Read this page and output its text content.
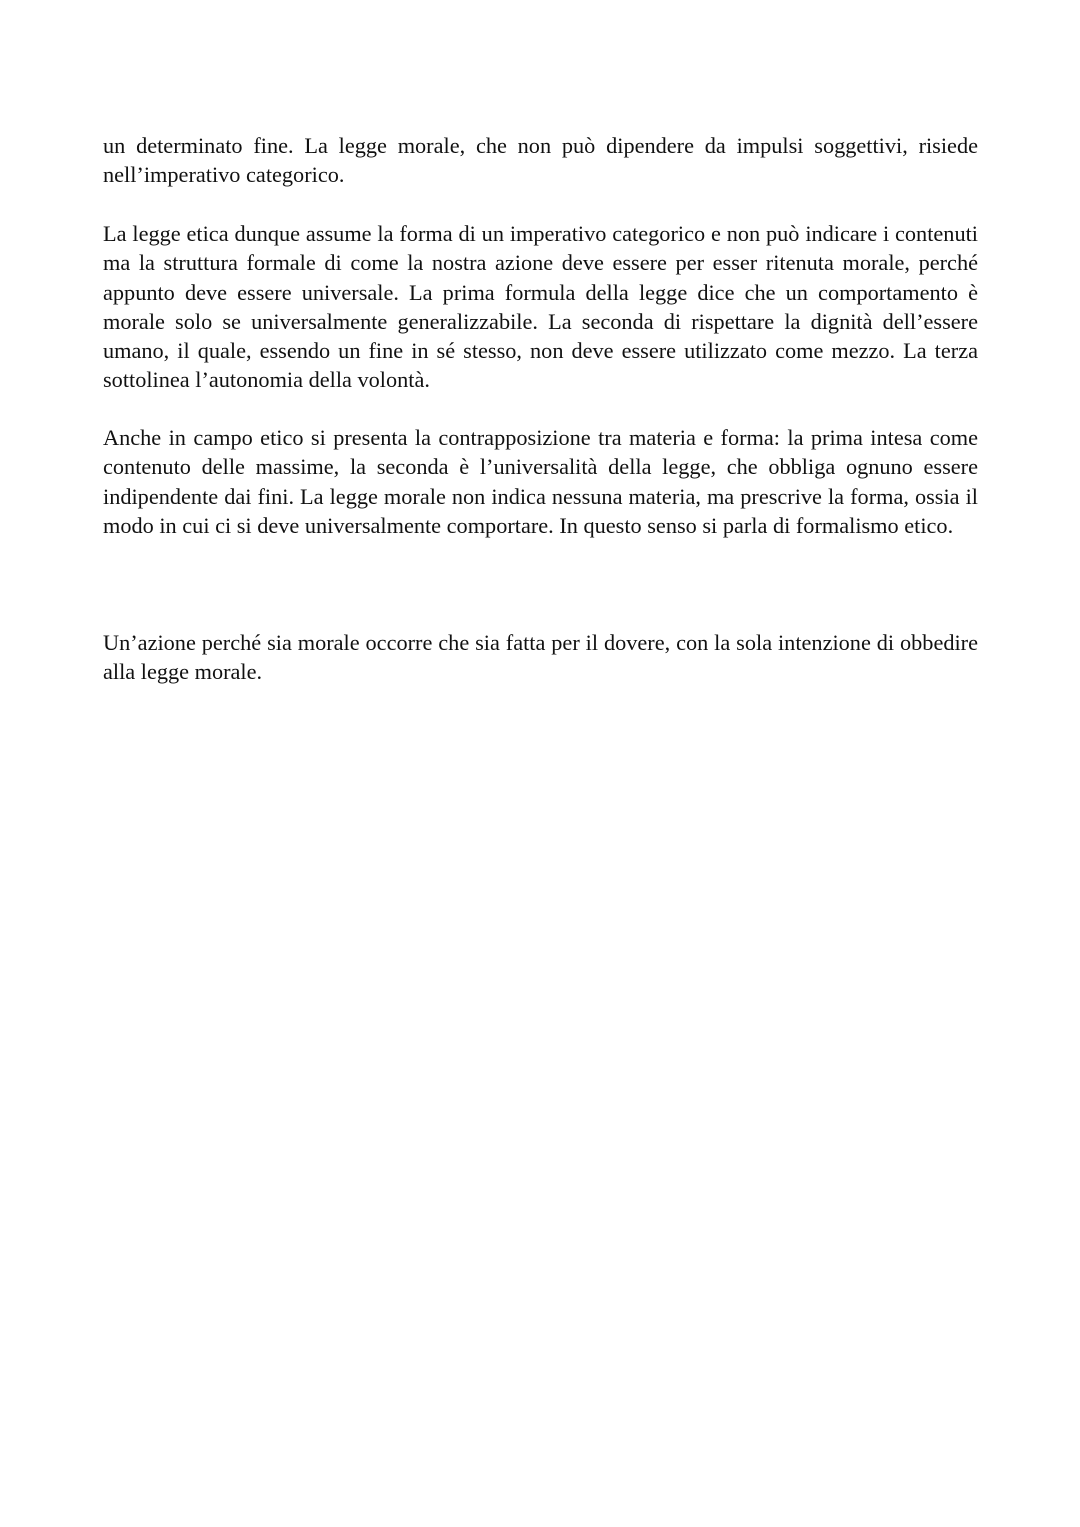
un determinato fine. La legge morale, che non può dipendere da impulsi soggettivi, risiede nell’imperativo categorico.

La legge etica dunque assume la forma di un imperativo categorico e non può indicare i contenuti ma la struttura formale di come la nostra azione deve essere per esser ritenuta morale, perché appunto deve essere universale. La prima formula della legge dice che un comportamento è morale solo se universalmente generalizzabile. La seconda di rispettare la dignità dell’essere umano, il quale, essendo un fine in sé stesso, non deve essere utilizzato come mezzo. La terza sottolinea l’autonomia della volontà.

Anche in campo etico si presenta la contrapposizione tra materia e forma: la prima intesa come contenuto delle massime, la seconda è l’universalità della legge, che obbliga ognuno essere indipendente dai fini. La legge morale non indica nessuna materia, ma prescrive la forma, ossia il modo in cui ci si deve universalmente comportare. In questo senso si parla di formalismo etico.

Un’azione perché sia morale occorre che sia fatta per il dovere, con la sola intenzione di obbedire alla legge morale.
